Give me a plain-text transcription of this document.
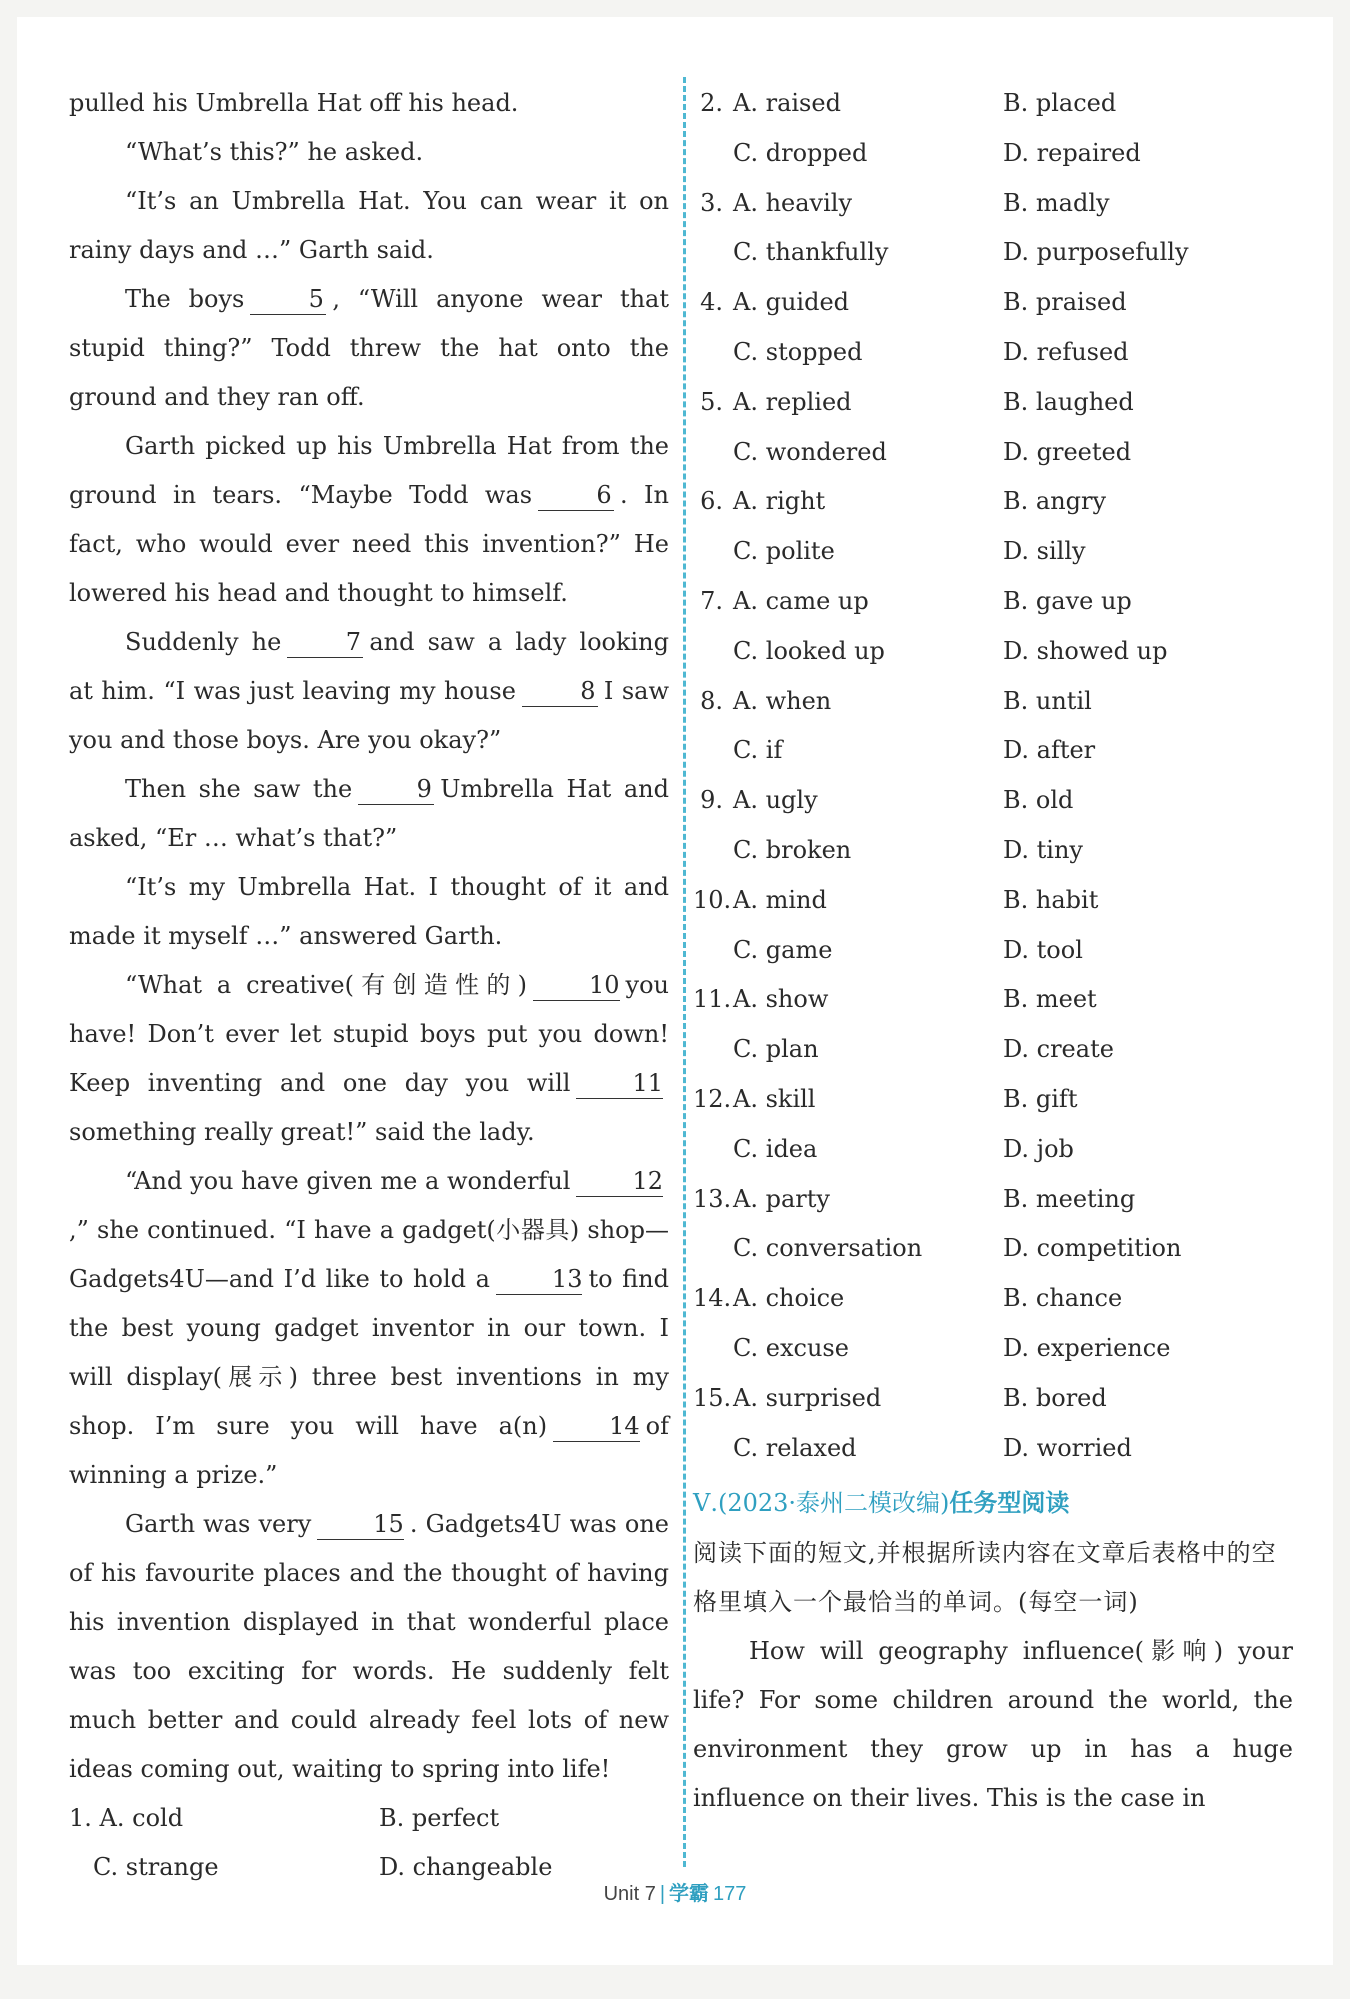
pulled his Umbrella Hat off his head.

“What’s this?” he asked.

“It’s an Umbrella Hat. You can wear it on rainy days and …” Garth said.

The boys	5 , “Will anyone wear that stupid thing?” Todd threw the hat onto the ground and they ran off.

Garth picked up his Umbrella Hat from the ground in tears. “Maybe Todd was	6 . In fact, who would ever need this invention?” He lowered his head and thought to himself.

Suddenly he	7 and saw a lady looking at him. “I was just leaving my house	8 I saw you and those boys. Are you okay?”

Then she saw the	9 Umbrella Hat and asked, “Er … what’s that?”

“It’s my Umbrella Hat. I thought of it and made it myself …” answered Garth.

“What a creative(有创造性的)	10 you have! Don’t ever let stupid boys put you down! Keep inventing and one day you will	11something really great!” said the lady.

“And you have given me a wonderful	12,” she continued. “I have a gadget(小器具) shop—Gadgets4U—and I’d like to hold a	13 to find the best young gadget inventor in our town. I will display(展示) three best inventions in my shop. I’m sure you will have a(n)	14 of winning a prize.”

Garth was very	15 . Gadgets4U was one of his favourite places and the thought of having his invention displayed in that wonderful place was too exciting for words. He suddenly felt much better and could already feel lots of new ideas coming out, waiting to spring into life!

1. A. cold	B. perfect
C. strange	D. changeable
2. A. raised	B. placed
C. dropped	D. repaired
3. A. heavily	B. madly
C. thankfully	D. purposefully
4. A. guided	B. praised
C. stopped	D. refused
5. A. replied	B. laughed
C. wondered	D. greeted
6. A. right	B. angry
C. polite	D. silly
7. A. came up	B. gave up
C. looked up	D. showed up
8. A. when	B. until
C. if	D. after
9. A. ugly	B. old
C. broken	D. tiny
10. A. mind	B. habit
C. game	D. tool
11. A. show	B. meet
C. plan	D. create
12. A. skill	B. gift
C. idea	D. job
13. A. party	B. meeting
C. conversation	D. competition
14. A. choice	B. chance
C. excuse	D. experience
15. A. surprised	B. bored
C. relaxed	D. worried
Ⅴ.(2023·泰州二模改编)任务型阅读
阅读下面的短文,并根据所读内容在文章后表格中的空格里填入一个最恰当的单词。(每空一词)
How will geography influence(影响) your life? For some children around the world, the environment they grow up in has a huge influence on their lives. This is the case in
Unit 7 | 学霸 177
